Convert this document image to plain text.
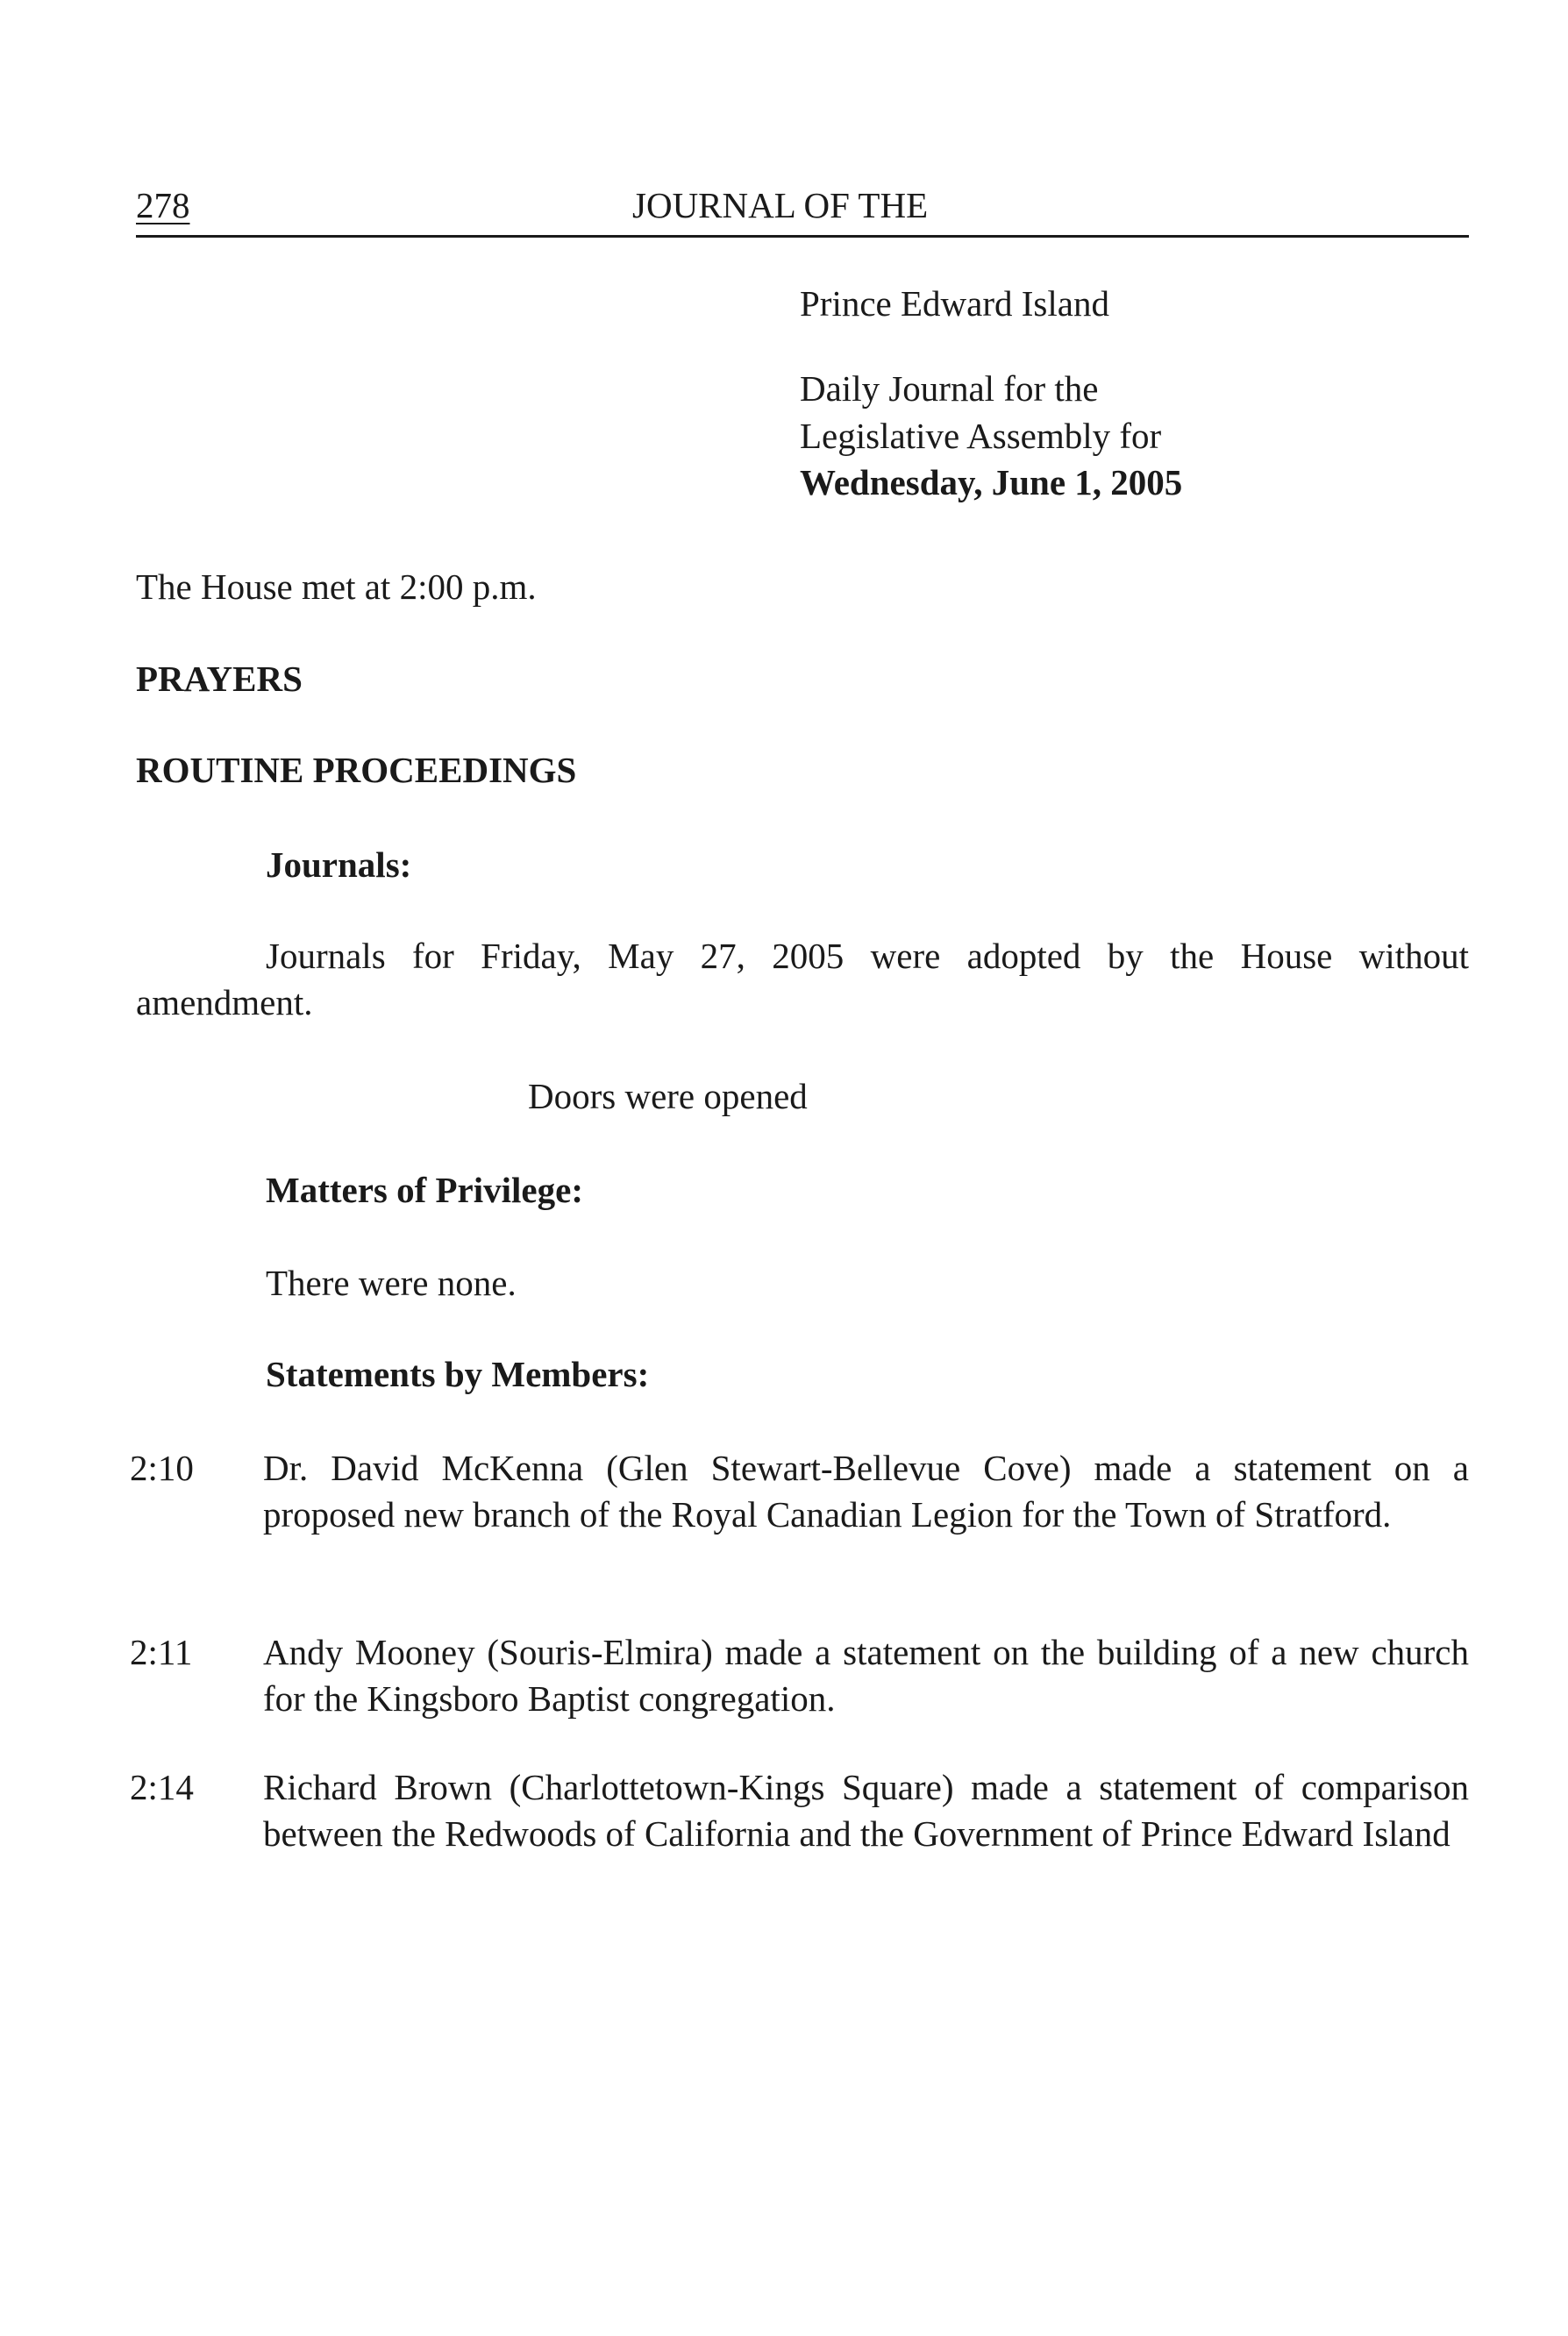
278	JOURNAL OF THE

Prince Edward Island

Daily Journal for the

Legislative Assembly for

Wednesday, June 1, 2005

The House met at 2:00 p.m.

PRAYERS

ROUTINE PROCEEDINGS

Journals:

Journals for Friday, May 27, 2005 were adopted by the House without
amendment.

Doors were opened

Matters of Privilege:

There were none.

Statements by Members:

2:10 Dr. David McKenna (Glen Stewart-Bellevue Cove) made a statement on a proposed new branch of the Royal Canadian Legion for the Town of Stratford.
2:11 Andy Mooney (Souris-Elmira) made a statement on the building of a new church for the Kingsboro Baptist congregation.
2:14 Richard Brown (Charlottetown-Kings Square) made a statement of comparison between the Redwoods of California and the Government of Prince Edward Island
